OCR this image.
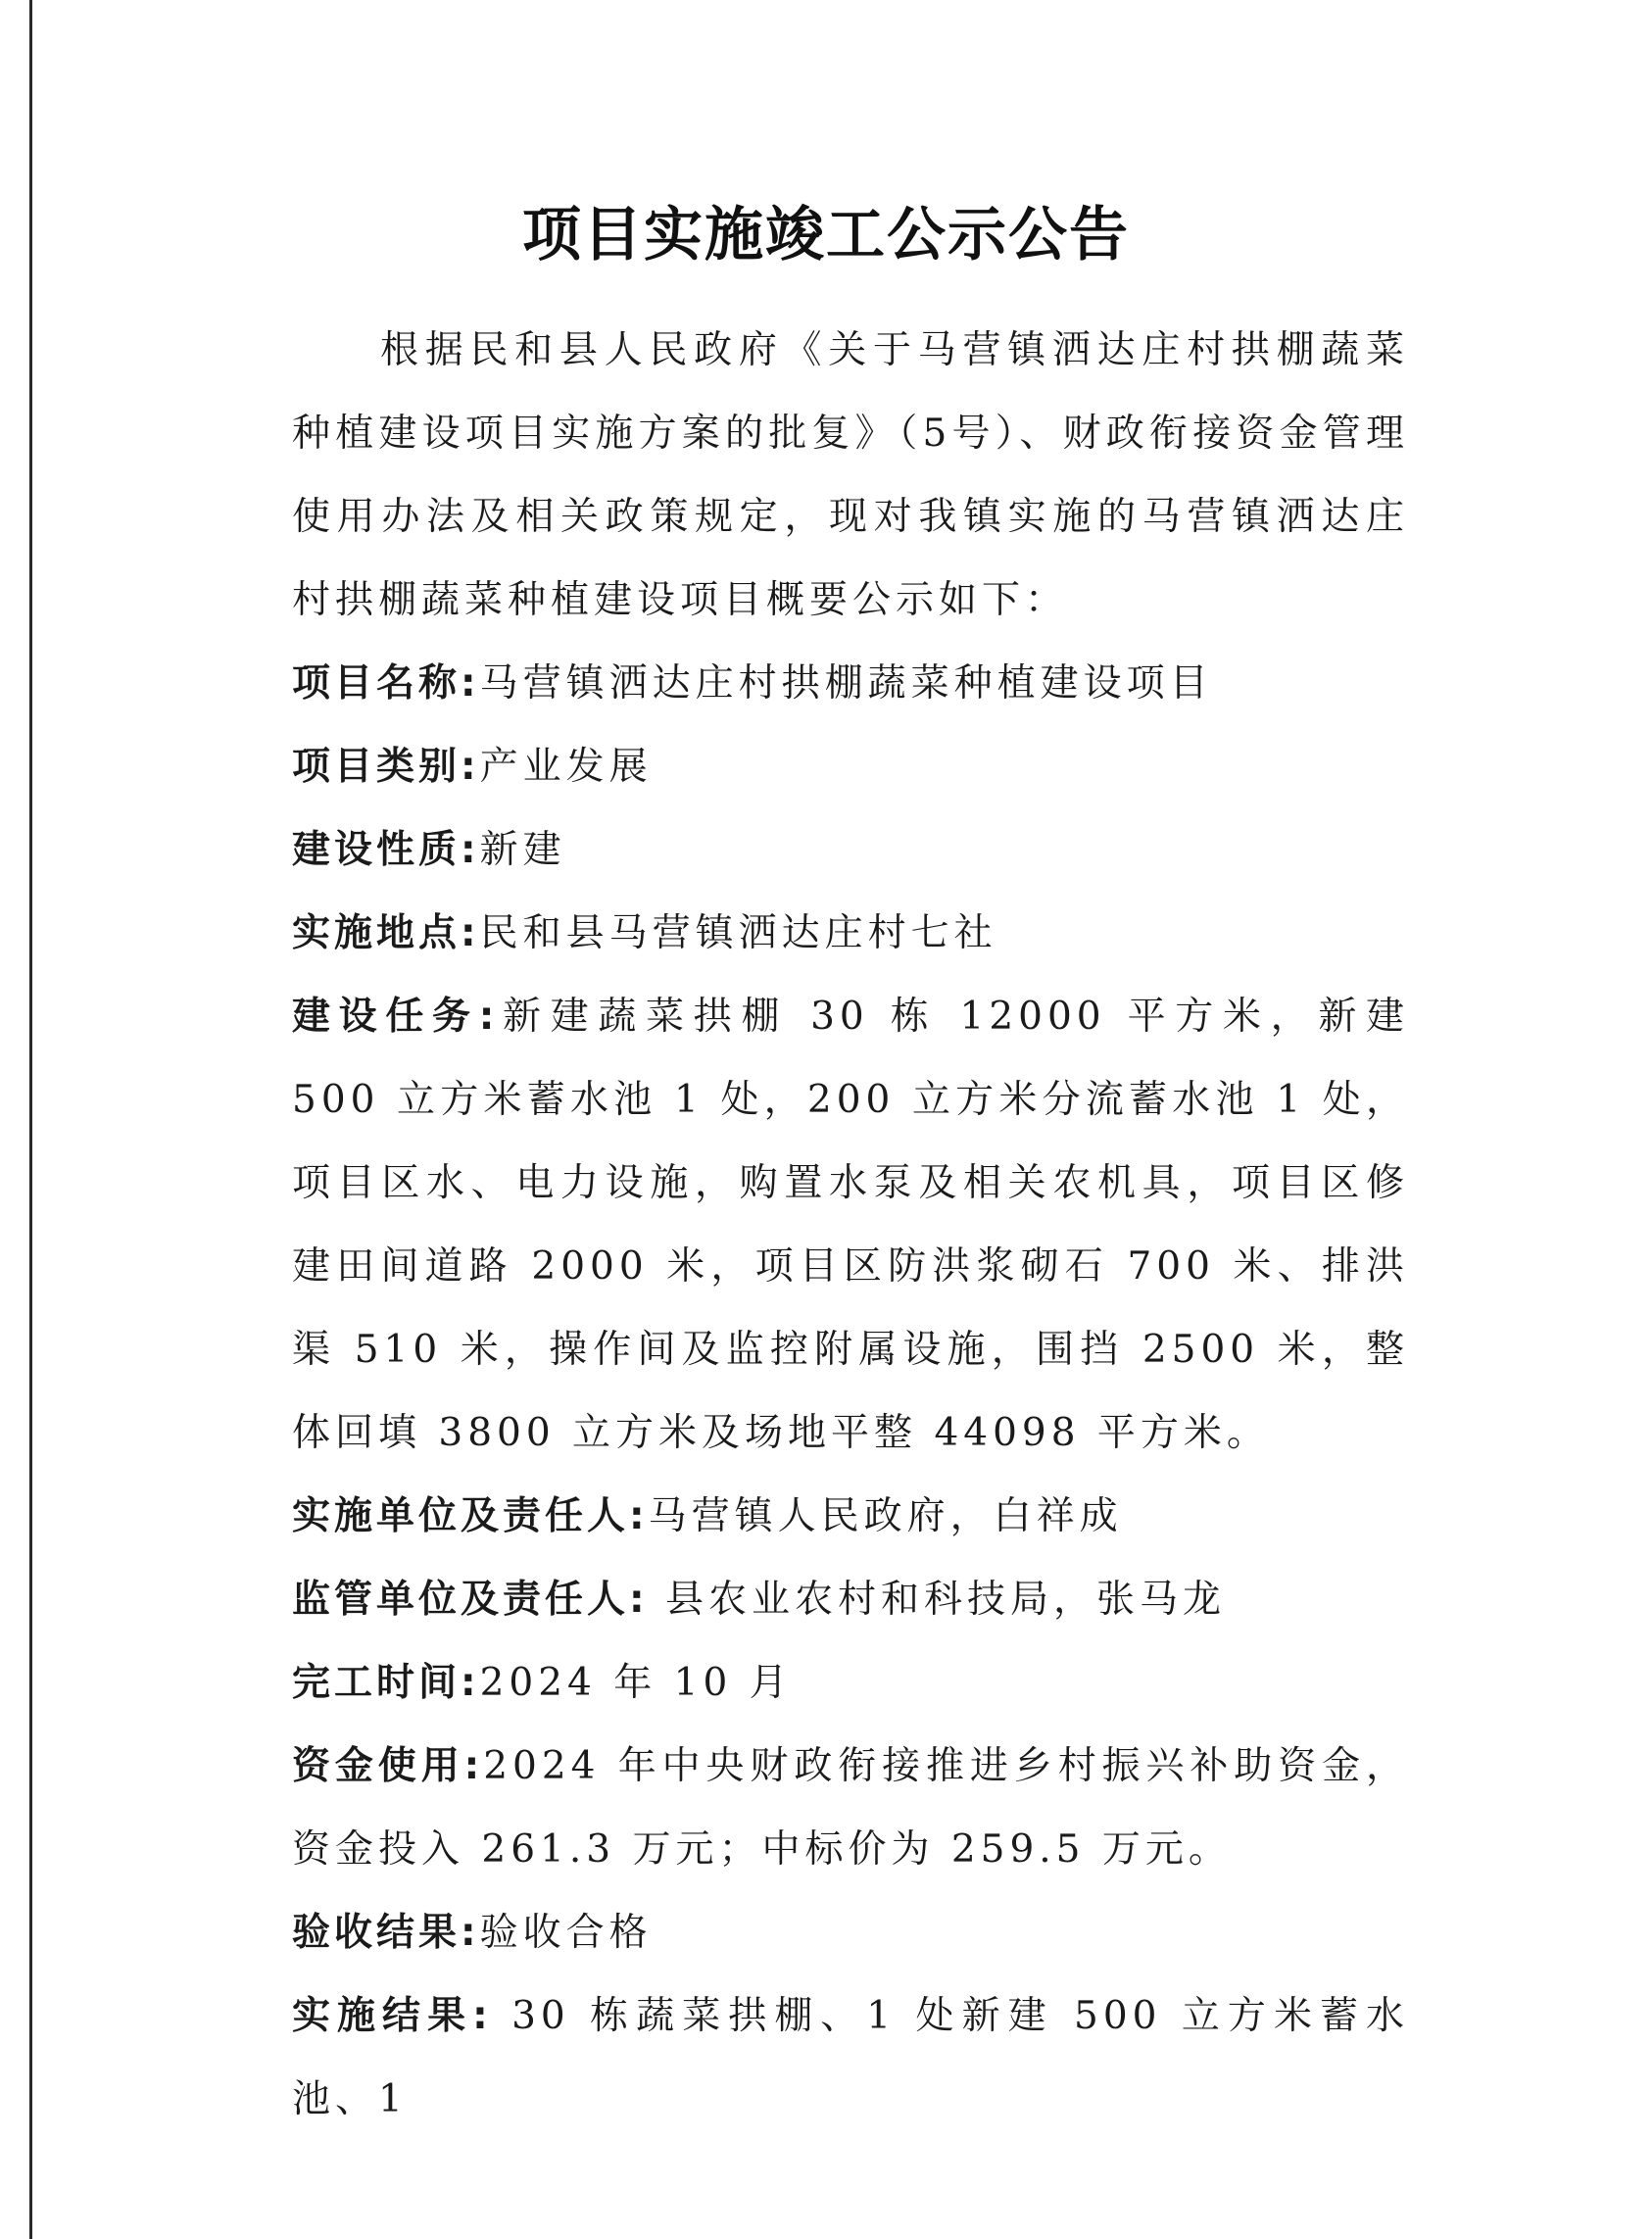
项目实施竣工公示公告

根据民和县人民政府《关于马营镇洒达庄村拱棚蔬菜种植建设项目实施方案的批复》（5号）、财政衔接资金管理使用办法及相关政策规定，现对我镇实施的马营镇洒达庄村拱棚蔬菜种植建设项目概要公示如下：

项目名称:马营镇洒达庄村拱棚蔬菜种植建设项目

项目类别:产业发展

建设性质:新建

实施地点:民和县马营镇洒达庄村七社

建设任务:新建蔬菜拱棚 30 栋 12000 平方米，新建 500 立方米蓄水池 1 处，200 立方米分流蓄水池 1 处，项目区水、电力设施，购置水泵及相关农机具，项目区修建田间道路 2000 米，项目区防洪浆砌石 700 米、排洪渠 510 米，操作间及监控附属设施，围挡 2500 米，整体回填 3800 立方米及场地平整 44098 平方米。

实施单位及责任人:马营镇人民政府，白祥成

监管单位及责任人: 县农业农村和科技局，张马龙

完工时间:2024 年 10 月

资金使用:2024 年中央财政衔接推进乡村振兴补助资金，资金投入 261.3 万元；中标价为 259.5 万元。

验收结果:验收合格

实施结果: 30 栋蔬菜拱棚、1 处新建 500 立方米蓄水池、1
